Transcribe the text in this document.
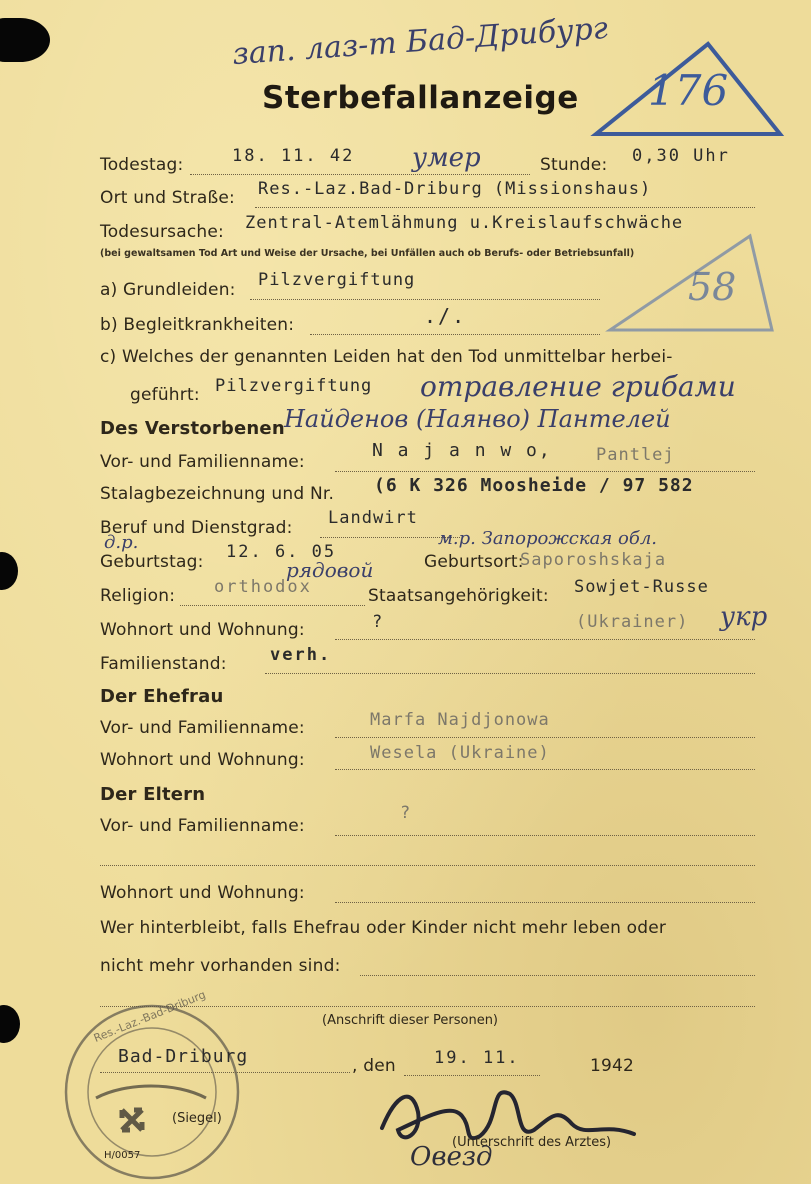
зап. лаз-т Бад-Дрибург
Sterbefallanzeige 176
58
Todestag:	18. 11. 42 умер	Stunde: 0,30 Uhr
Ort und Straße: Res.-Laz.Bad-Driburg (Missionshaus)
Todesursache: Zentral-Atemlähmung u.Kreislaufschwäche
(bei gewaltsamen Tod Art und Weise der Ursache, bei Unfällen auch ob Berufs- oder Betriebsunfall)
a) Grundleiden: Pilzvergiftung
b) Begleitkrankheiten:	./.
c) Welches der genannten Leiden hat den Tod unmittelbar herbei-
geführt: Pilzvergiftung отравление грибами
Des Verstorbenen Найденов (Наянво) Пантелей
Vor- und Familienname:
N a j a n w o,	Pantlej
Stalagbezeichnung und Nr. (6 K 326 Moosheide / 97 582
Beruf und Dienstgrad: Landwirt
д.р.
Geburtstag: 12. 6. 05
рядовой	Geburtsort:
Saporoshskaja
м.р. Запорожская обл.
Religion: orthodox	Staatsangehörigkeit: Sowjet-Russe
Wohnort und Wohnung:	?	(Ukrainer) укр
Familienstand:	verh.
Der Ehefrau
Vor- und Familienname:	Marfa Najdjonowa
Wohnort und Wohnung:	Wesela (Ukraine)
Der Eltern
Vor- und Familienname:
?
Wohnort und Wohnung:
Wer hinterbleibt, falls Ehefrau oder Kinder nicht mehr leben oder
nicht mehr vorhanden sind:
(Anschrift dieser Personen)
Res.-Laz.-Bad-Driburg
H/0057
(Siegel)
Bad-Driburg	, den 19. 11.	1942
(Unterschrift des Arztes)
Овезд
